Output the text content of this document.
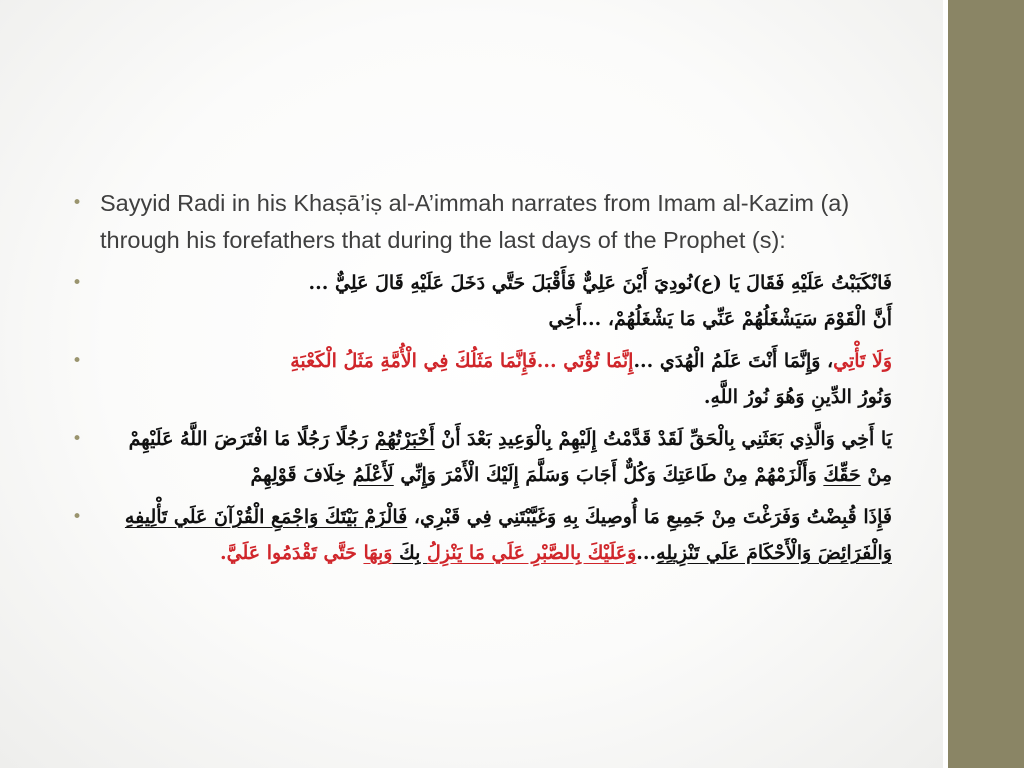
• Sayyid Radi in his Khaṣā’iṣ al-A’immah narrates from Imam al-Kazim (a) through his forefathers that during the last days of the Prophet (s):
•	فَانْكَبَبْتُ عَلَيْهِ فَقَالَ يَا (ع)نُودِيَ أَيْنَ عَلِيٌّ فَأَقْبَلَ حَتَّي دَخَلَ عَلَيْهِ قَالَ عَلِيٌّ ...
أَنَّ الْقَوْمَ سَيَشْغَلُهُمْ عَنِّي مَا يَشْغَلُهُمْ، ...أَخِي
•	وَلَا تَأْتِي، وَإِنَّمَا أَنْتَ عَلَمُ الْهُدَي ...إِنَّمَا تُؤْتَي ...فَإِنَّمَا مَثَلُكَ فِي الْأُمَّةِ مَثَلُ الْكَعْبَةِ
وَنُورُ الدِّينِ وَهُوَ نُورُ اللَّهِ.
•	يَا أَخِي وَالَّذِي بَعَثَنِي بِالْحَقِّ لَقَدْ قَدَّمْتُ إِلَيْهِمْ بِالْوَعِيدِ بَعْدَ أَنْ أَخْبَرْتُهُمْ رَجُلًا رَجُلًا مَا افْتَرَضَ اللَّهُ عَلَيْهِمْ مِنْ حَقِّكَ وَأَلْزَمْهُمْ مِنْ طَاعَتِكَ وَكُلٌّ أَجَابَ وَسَلَّمَ إِلَيْكَ الْأَمْرَ وَإِنِّي لَأَعْلَمُ خِلَافَ قَوْلِهِمْ
•	فَإِذَا قُبِضْتُ وَفَرَغْتَ مِنْ جَمِيعِ مَا أُوصِيكَ بِهِ وَغَيَّبْتَنِي فِي قَبْرِي، فَالْزَمْ بَيْتَكَ وَاجْمَعِ الْقُرْآنَ عَلَي تَأْلِيفِهِ وَالْفَرَائِضَ وَالْأَحْكَامَ عَلَي تَنْزِيلِهِ...وَعَلَيْكَ بِالصَّبْرِ عَلَي مَا يَنْزِلُ بِكَ وَبِهَا حَتَّي تَقْدَمُوا عَلَيَّ.
